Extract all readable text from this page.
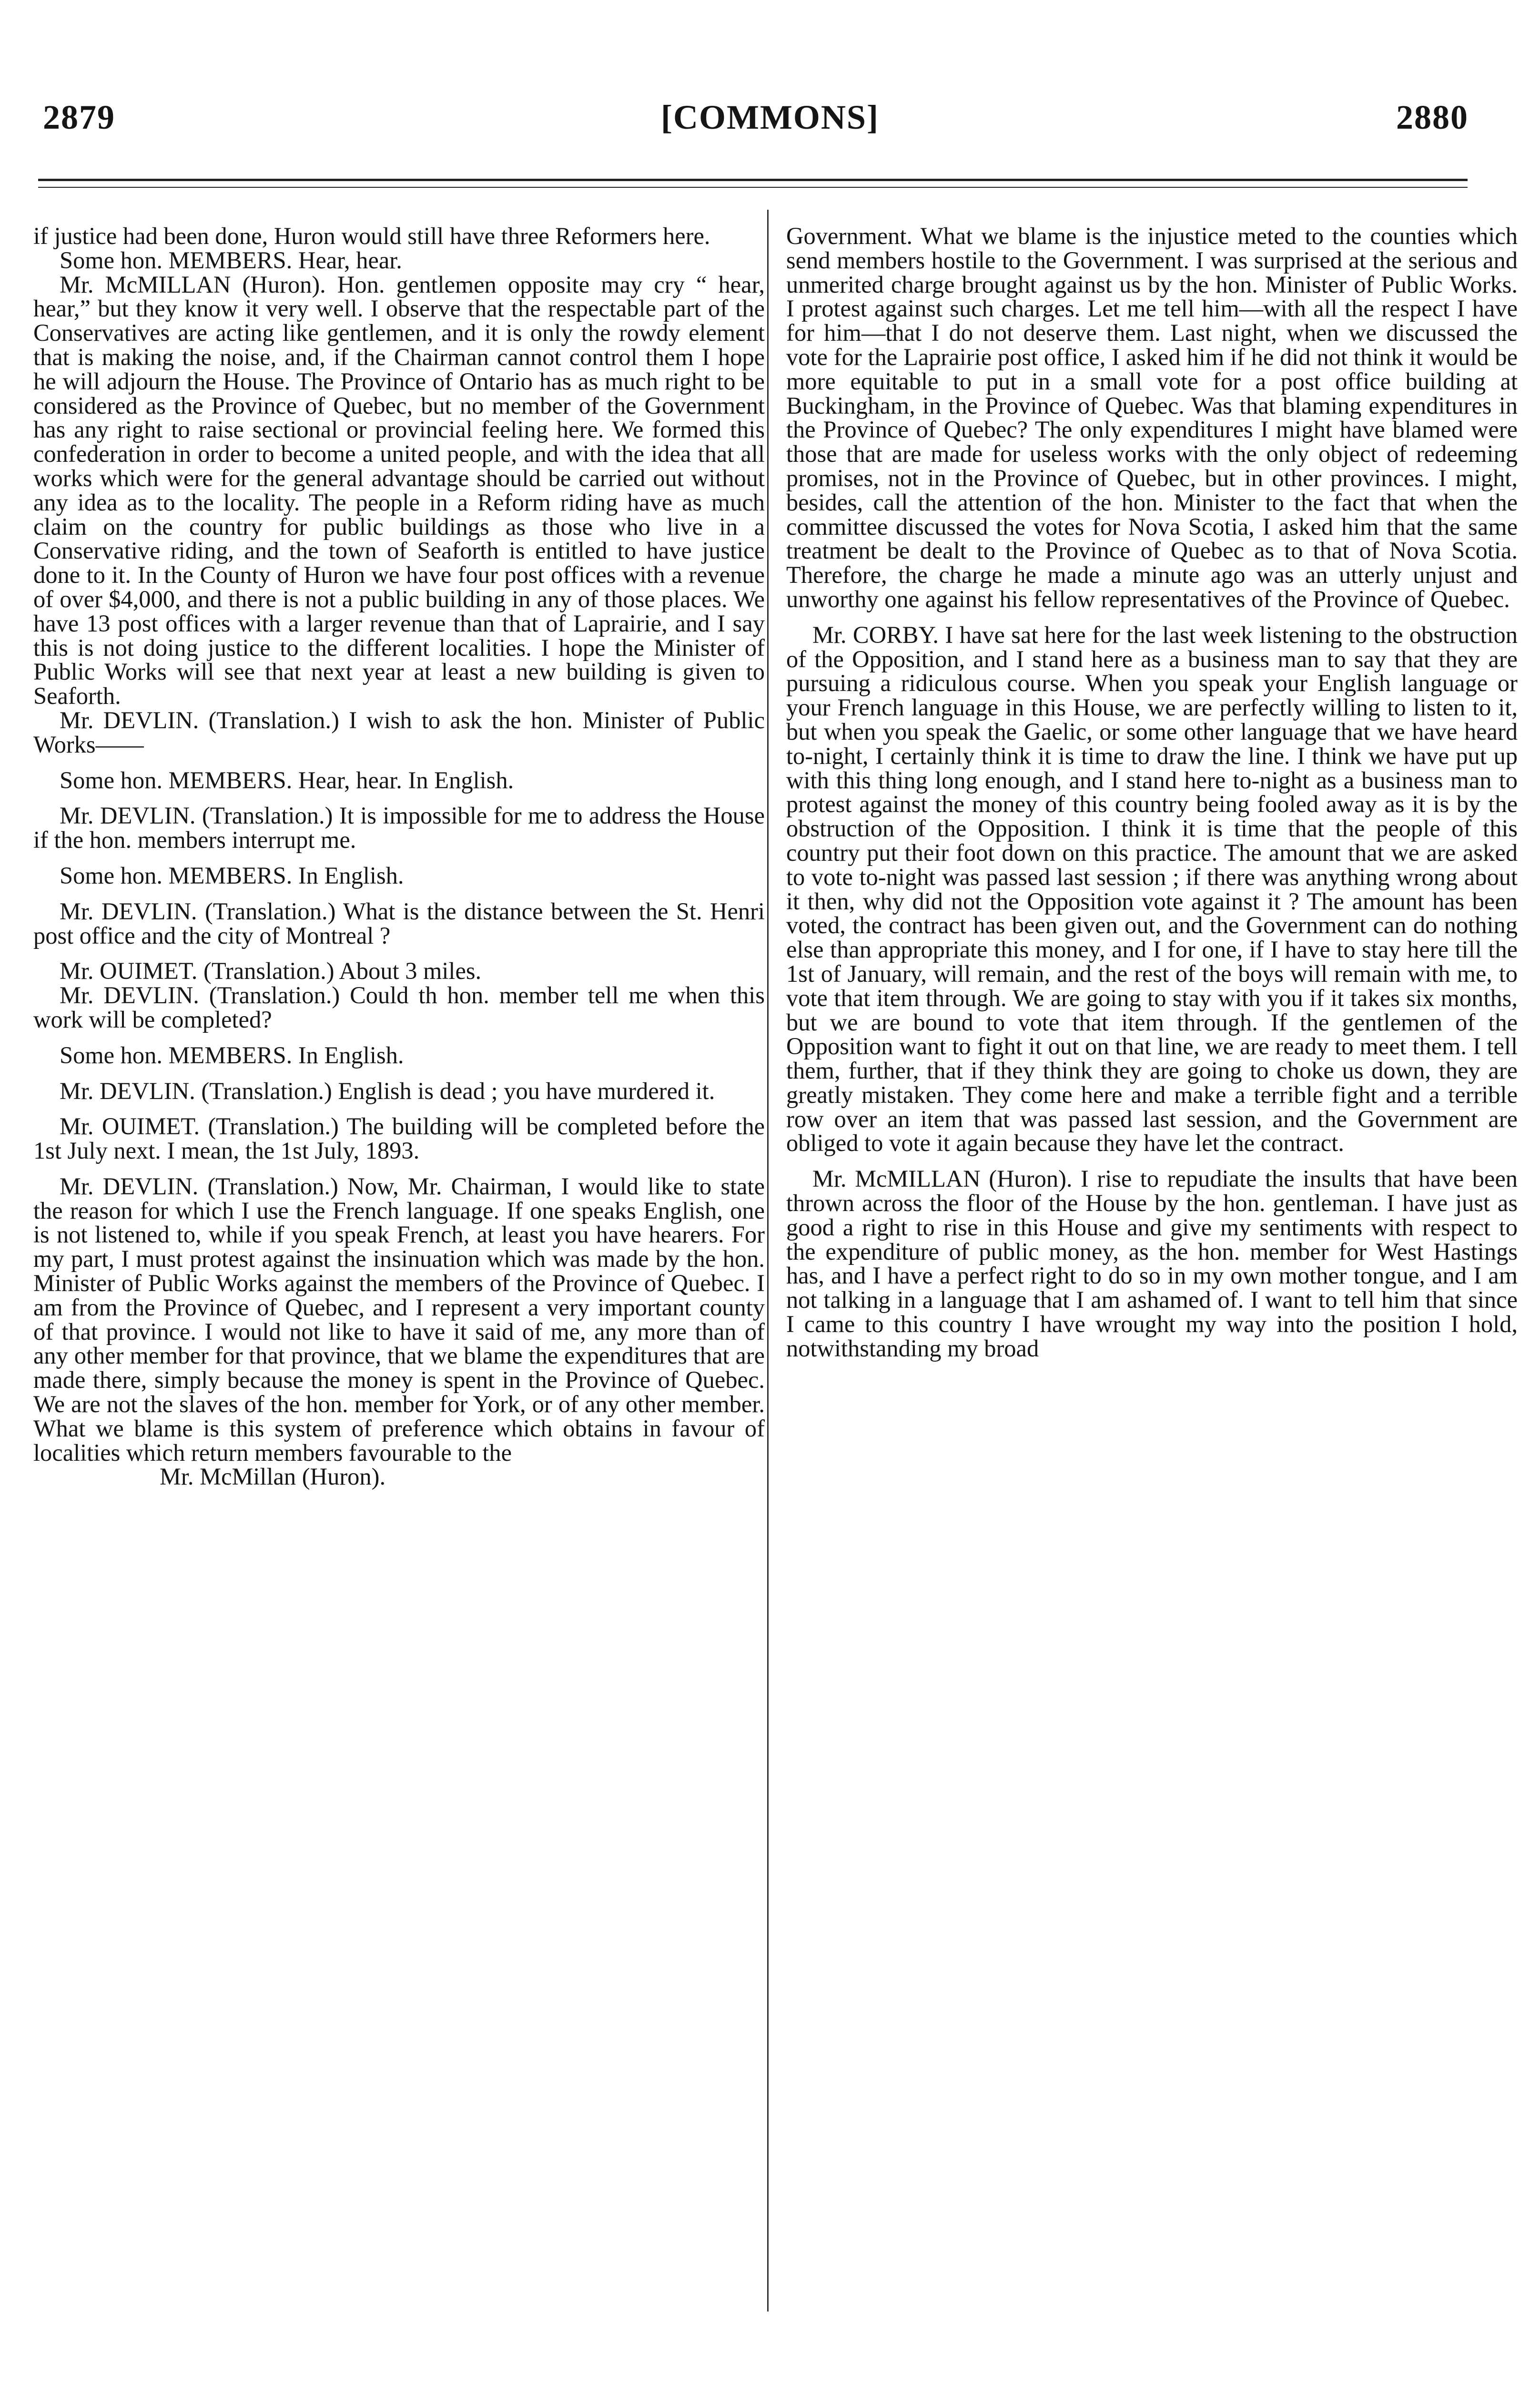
2879	[COMMONS]	2880

if justice had been done, Huron would still have three Reformers here.

Some hon. MEMBERS. Hear, hear.

Mr. McMILLAN (Huron). Hon. gentlemen opposite may cry “ hear, hear,” but they know it very well. I observe that the respectable part of the Conservatives are acting like gentlemen, and it is only the rowdy element that is making the noise, and, if the Chairman cannot control them I hope he will adjourn the House. The Province of Ontario has as much right to be considered as the Province of Quebec, but no member of the Government has any right to raise sectional or provincial feeling here. We formed this confederation in order to become a united people, and with the idea that all works which were for the general advantage should be carried out without any idea as to the locality. The people in a Reform riding have as much claim on the country for public buildings as those who live in a Conservative riding, and the town of Seaforth is entitled to have justice done to it. In the County of Huron we have four post offices with a revenue of over $4,000, and there is not a public building in any of those places. We have 13 post offices with a larger revenue than that of Laprairie, and I say this is not doing justice to the different localities. I hope the Minister of Public Works will see that next year at least a new building is given to Seaforth.

Mr. DEVLIN. (Translation.) I wish to ask the hon. Minister of Public Works——

Some hon. MEMBERS. Hear, hear. In English.

Mr. DEVLIN. (Translation.) It is impossible for me to address the House if the hon. members interrupt me.

Some hon. MEMBERS. In English.

Mr. DEVLIN. (Translation.) What is the distance between the St. Henri post office and the city of Montreal ?

Mr. OUIMET. (Translation.) About 3 miles.

Mr. DEVLIN. (Translation.) Could th hon. member tell me when this work will be completed?

Some hon. MEMBERS. In English.

Mr. DEVLIN. (Translation.) English is dead ; you have murdered it.

Mr. OUIMET. (Translation.) The building will be completed before the 1st July next. I mean, the 1st July, 1893.

Mr. DEVLIN. (Translation.) Now, Mr. Chairman, I would like to state the reason for which I use the French language. If one speaks English, one is not listened to, while if you speak French, at least you have hearers. For my part, I must protest against the insinuation which was made by the hon. Minister of Public Works against the members of the Province of Quebec. I am from the Province of Quebec, and I represent a very important county of that province. I would not like to have it said of me, any more than of any other member for that province, that we blame the expenditures that are made there, simply because the money is spent in the Province of Quebec. We are not the slaves of the hon. member for York, or of any other member. What we blame is this system of preference which obtains in favour of localities which return members favourable to the

Mr. McMillan (Huron).

Government. What we blame is the injustice meted to the counties which send members hostile to the Government. I was surprised at the serious and unmerited charge brought against us by the hon. Minister of Public Works. I protest against such charges. Let me tell him—with all the respect I have for him—that I do not deserve them. Last night, when we discussed the vote for the Laprairie post office, I asked him if he did not think it would be more equitable to put in a small vote for a post office building at Buckingham, in the Province of Quebec. Was that blaming expenditures in the Province of Quebec? The only expenditures I might have blamed were those that are made for useless works with the only object of redeeming promises, not in the Province of Quebec, but in other provinces. I might, besides, call the attention of the hon. Minister to the fact that when the committee discussed the votes for Nova Scotia, I asked him that the same treatment be dealt to the Province of Quebec as to that of Nova Scotia. Therefore, the charge he made a minute ago was an utterly unjust and unworthy one against his fellow representatives of the Province of Quebec.

Mr. CORBY. I have sat here for the last week listening to the obstruction of the Opposition, and I stand here as a business man to say that they are pursuing a ridiculous course. When you speak your English language or your French language in this House, we are perfectly willing to listen to it, but when you speak the Gaelic, or some other language that we have heard to-night, I certainly think it is time to draw the line. I think we have put up with this thing long enough, and I stand here to-night as a business man to protest against the money of this country being fooled away as it is by the obstruction of the Opposition. I think it is time that the people of this country put their foot down on this practice. The amount that we are asked to vote to-night was passed last session ; if there was anything wrong about it then, why did not the Opposition vote against it ? The amount has been voted, the contract has been given out, and the Government can do nothing else than appropriate this money, and I for one, if I have to stay here till the 1st of January, will remain, and the rest of the boys will remain with me, to vote that item through. We are going to stay with you if it takes six months, but we are bound to vote that item through. If the gentlemen of the Opposition want to fight it out on that line, we are ready to meet them. I tell them, further, that if they think they are going to choke us down, they are greatly mistaken. They come here and make a terrible fight and a terrible row over an item that was passed last session, and the Government are obliged to vote it again because they have let the contract.

Mr. McMILLAN (Huron). I rise to repudiate the insults that have been thrown across the floor of the House by the hon. gentleman. I have just as good a right to rise in this House and give my sentiments with respect to the expenditure of public money, as the hon. member for West Hastings has, and I have a perfect right to do so in my own mother tongue, and I am not talking in a language that I am ashamed of. I want to tell him that since I came to this country I have wrought my way into the position I hold, notwithstanding my broad
